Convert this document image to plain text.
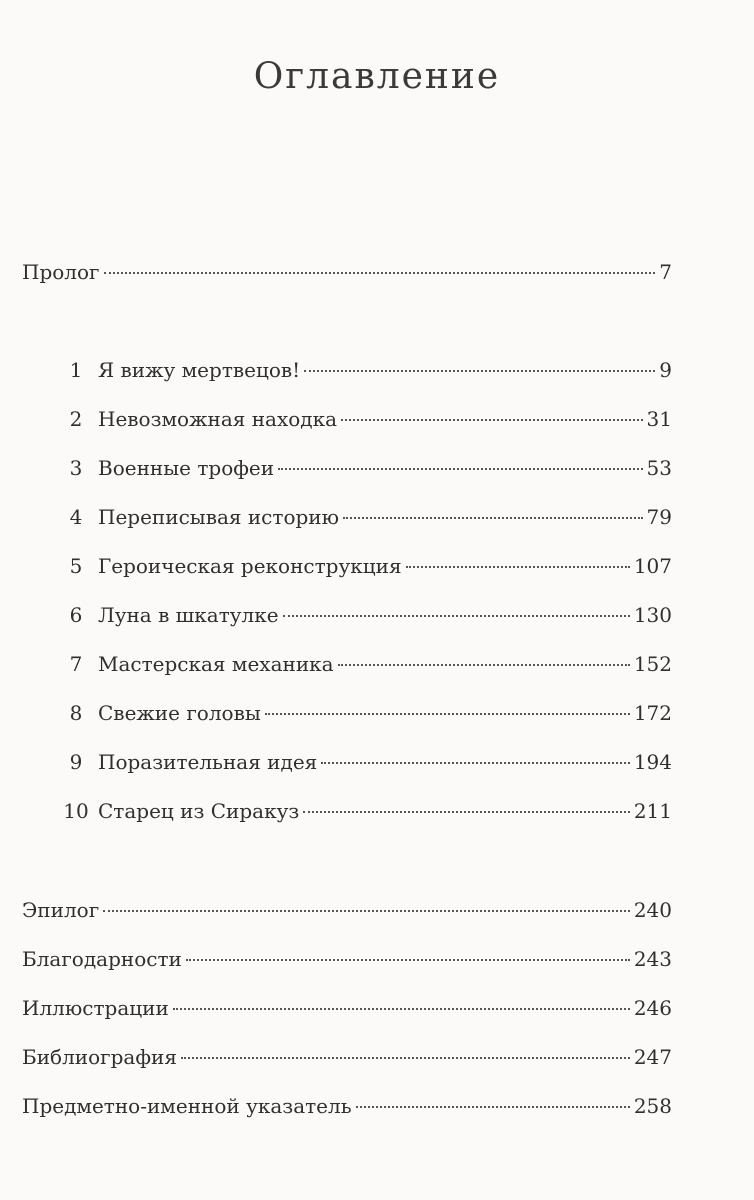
Оглавление
Пролог	7
1 Я вижу мертвецов!	9
2 Невозможная находка	31
3 Военные трофеи	53
4 Переписывая историю	79
5 Героическая реконструкция	107
6 Луна в шкатулке	130
7 Мастерская механика	152
8 Свежие головы	172
9 Поразительная идея	194
10 Старец из Сиракуз	211
Эпилог	240
Благодарности	243
Иллюстрации	246
Библиография	247
Предметно-именной указатель	258
